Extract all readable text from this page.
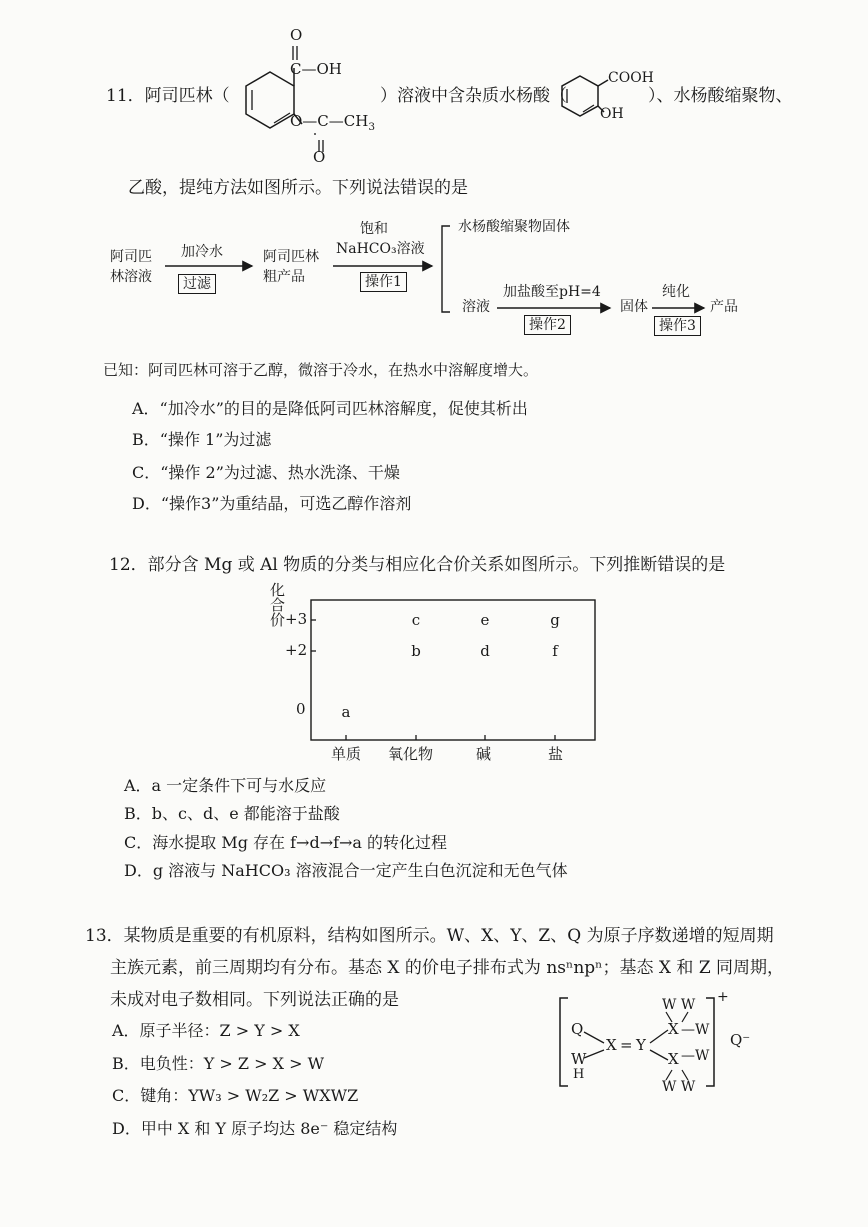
11．阿司匹林（
O
C—OH
$O—C—CH_3$
O
）溶液中含杂质水杨酸（
COOH
OH
）、水杨酸缩聚物、
乙酸，提纯方法如图所示。下列说法错误的是
阿司匹
林溶液
加冷水
过滤
阿司匹林
粗产品
饱和
NaHCO₃溶液
操作1
水杨酸缩聚物固体
溶液
加盐酸至pH=4
操作2
固体
纯化
操作3
产品
已知：阿司匹林可溶于乙醇，微溶于冷水，在热水中溶解度增大。
A．“加冷水”的目的是降低阿司匹林溶解度，促使其析出
B．“操作 1”为过滤
C．“操作 2”为过滤、热水洗涤、干燥
D．“操作3”为重结晶，可选乙醇作溶剂
12．部分含 Mg 或 Al 物质的分类与相应化合价关系如图所示。下列推断错误的是
化合价 +3
+2
0
单质 氧化物	碱	盐
c	e	g
b	d	f
a
A．a 一定条件下可与水反应
B．b、c、d、e 都能溶于盐酸
C．海水提取 Mg 存在 f→d→f→a 的转化过程
D．g 溶液与 NaHCO₃ 溶液混合一定产生白色沉淀和无色气体
13．某物质是重要的有机原料，结构如图所示。W、X、Y、Z、Q 为原子序数递增的短周期
主族元素，前三周期均有分布。基态 X 的价电子排布式为 nsⁿnpⁿ；基态 X 和 Z 同周期，
未成对电子数相同。下列说法正确的是
A．原子半径：Z > Y > X
B．电负性：Y > Z > X > W
C．键角：YW₃ > W₂Z > WXWZ
D．甲中 X 和 Y 原子均达 8e⁻ 稳定结构
Q
W
H
X = Y
W W
X —W
X —W
W W
+
Q⁻
